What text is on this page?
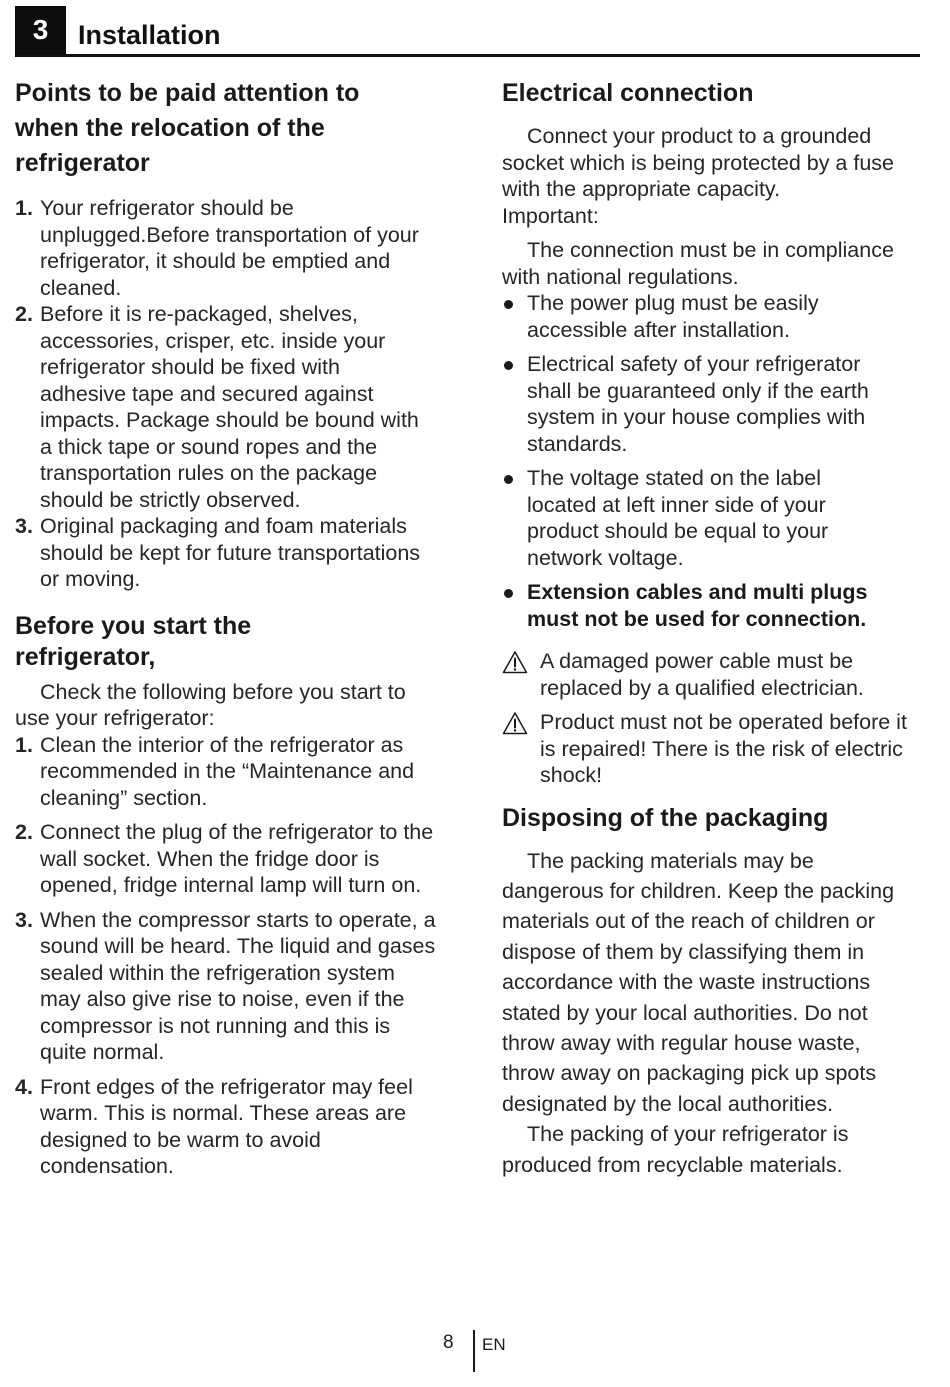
3	Installation
Points to be paid attention to when the relocation of the refrigerator
1. Your refrigerator should be unplugged.Before transportation of your refrigerator, it should be emptied and cleaned.
2. Before it is re-packaged, shelves, accessories, crisper, etc. inside your refrigerator should be fixed with adhesive tape and secured against impacts. Package should be bound with a thick tape or sound ropes and the transportation rules on the package should be strictly observed.
3. Original packaging and foam materials should be kept for future transportations or moving.
Before you start the refrigerator,

Check the following before you start to use your refrigerator:

1. Clean the interior of the refrigerator as recommended in the “Maintenance and cleaning” section.
2. Connect the plug of the refrigerator to the wall socket. When the fridge door is opened, fridge internal lamp will turn on.
3. When the compressor starts to operate, a sound will be heard. The liquid and gases sealed within the refrigeration system may also give rise to noise, even if the compressor is not running and this is quite normal.
4. Front edges of the refrigerator may feel warm. This is normal. These areas are designed to be warm to avoid condensation.
Electrical connection

Connect your product to a grounded socket which is being protected by a fuse with the appropriate capacity.

Important:

The connection must be in compliance with national regulations.

The power plug must be easily accessible after installation.
Electrical safety of your refrigerator shall be guaranteed only if the earth system in your house complies with standards.
The voltage stated on the label located at left inner side of your product should be equal to your network voltage.
Extension cables and multi plugs must not be used for connection.
A damaged power cable must be replaced by a qualified electrician.
Product must not be operated before it is repaired! There is the risk of electric shock!
Disposing of the packaging

The packing materials may be dangerous for children. Keep the packing materials out of the reach of children or dispose of them by classifying them in accordance with the waste instructions stated by your local authorities. Do not throw away with regular house waste, throw away on packaging pick up spots designated by the local authorities.

The packing of your refrigerator is produced from recyclable materials.

8 EN
